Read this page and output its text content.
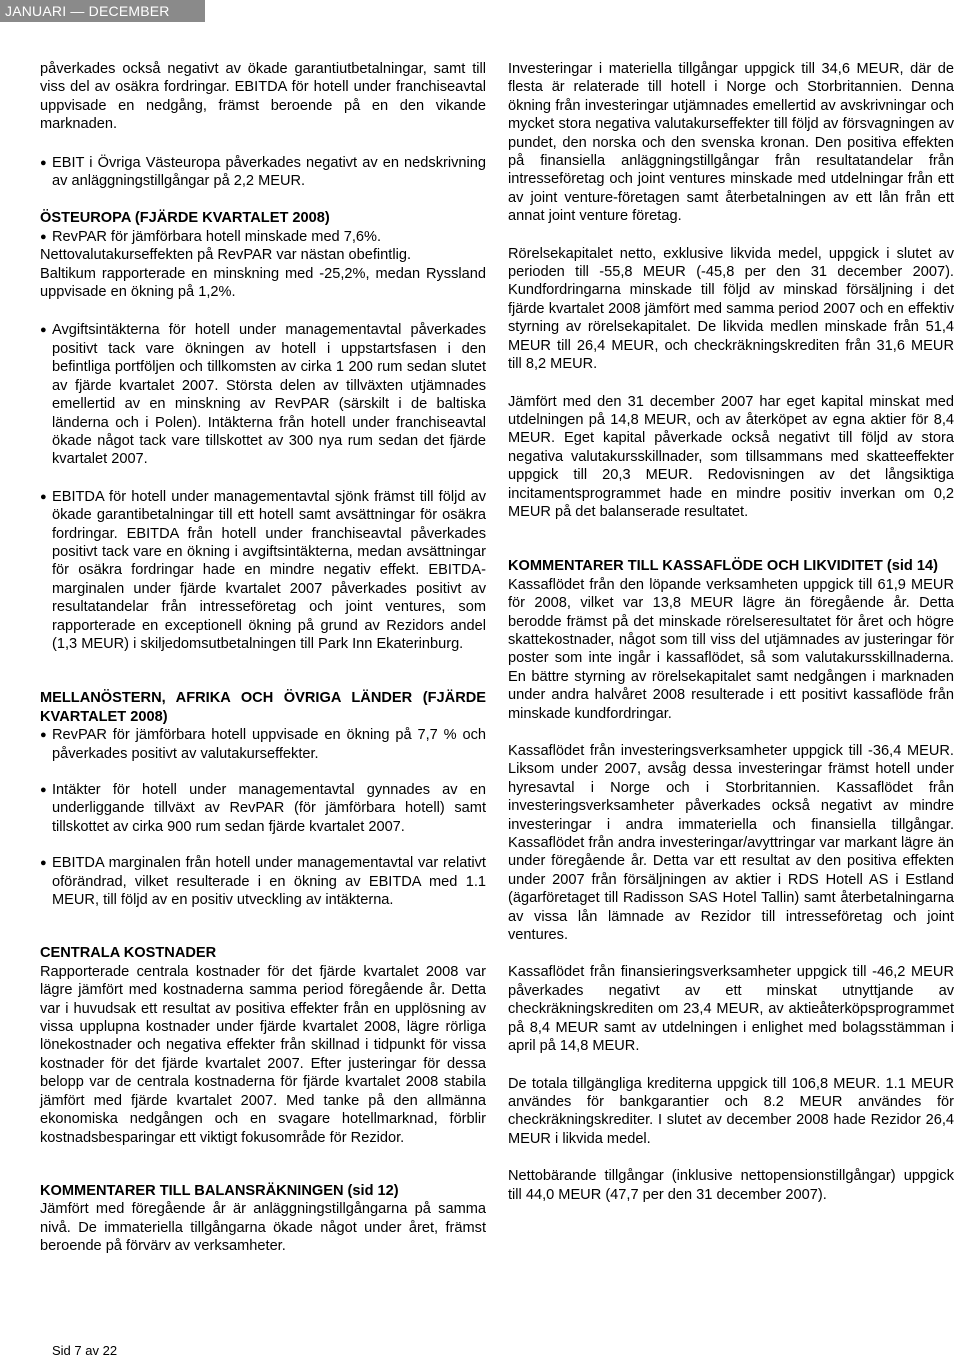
JANUARI — DECEMBER 2008

påverkades också negativt av ökade garantiutbetalningar, samt till viss del av osäkra fordringar. EBITDA för hotell under franchiseavtal uppvisade en nedgång, främst beroende på en den vikande marknaden.

● EBIT i Övriga Västeuropa påverkades negativt av en nedskrivning av anläggningstillgångar på 2,2 MEUR.

ÖSTEUROPA (FJÄRDE KVARTALET 2008)

● RevPAR för jämförbara hotell minskade med 7,6%.

Nettovalutakurseffekten på RevPAR var nästan obefintlig.

Baltikum rapporterade en minskning med -25,2%, medan Ryssland uppvisade en ökning på 1,2%.

● Avgiftsintäkterna för hotell under managementavtal påverkades positivt tack vare ökningen av hotell i uppstartsfasen i den befintliga portföljen och tillkomsten av cirka 1 200 rum sedan slutet av fjärde kvartalet 2007. Största delen av tillväxten utjämnades emellertid av en minskning av RevPAR (särskilt i de baltiska länderna och i Polen). Intäkterna från hotell under franchiseavtal ökade något tack vare tillskottet av 300 nya rum sedan det fjärde kvartalet 2007.

● EBITDA för hotell under managementavtal sjönk främst till följd av ökade garantibetalningar till ett hotell samt avsättningar för osäkra fordringar. EBITDA från hotell under franchiseavtal påverkades positivt tack vare en ökning i avgiftsintäkterna, medan avsättningar för osäkra fordringar hade en mindre negativ effekt. EBITDA-marginalen under fjärde kvartalet 2007 påverkades positivt av resultatandelar från intresseföretag och joint ventures, som rapporterade en exceptionell ökning på grund av Rezidors andel (1,3 MEUR) i skiljedomsutbetalningen till Park Inn Ekaterinburg.

MELLANÖSTERN, AFRIKA OCH ÖVRIGA LÄNDER (FJÄRDE KVARTALET 2008)

● RevPAR för jämförbara hotell uppvisade en ökning på 7,7 % och påverkades positivt av valutakurseffekter.

● Intäkter för hotell under managementavtal gynnades av en underliggande tillväxt av RevPAR (för jämförbara hotell) samt tillskottet av cirka 900 rum sedan fjärde kvartalet 2007.

● EBITDA marginalen från hotell under managementavtal var relativt oförändrad, vilket resulterade i en ökning av EBITDA med 1.1 MEUR, till följd av en positiv utveckling av intäkterna.

CENTRALA KOSTNADER

Rapporterade centrala kostnader för det fjärde kvartalet 2008 var lägre jämfört med kostnaderna samma period föregående år. Detta var i huvudsak ett resultat av positiva effekter från en upplösning av vissa upplupna kostnader under fjärde kvartalet 2008, lägre rörliga lönekostnader och negativa effekter från skillnad i tidpunkt för vissa kostnader för det fjärde kvartalet 2007. Efter justeringar för dessa belopp var de centrala kostnaderna för fjärde kvartalet 2008 stabila jämfört med fjärde kvartalet 2007. Med tanke på den allmänna ekonomiska nedgången och en svagare hotellmarknad, förblir kostnadsbesparingar ett viktigt fokusområde för Rezidor.

KOMMENTARER TILL BALANSRÄKNINGEN (sid 12)

Jämfört med föregående år är anläggningstillgångarna på samma nivå. De immateriella tillgångarna ökade något under året, främst beroende på förvärv av verksamheter.

Investeringar i materiella tillgångar uppgick till 34,6 MEUR, där de flesta är relaterade till hotell i Norge och Storbritannien. Denna ökning från investeringar utjämnades emellertid av avskrivningar och mycket stora negativa valutakurseffekter till följd av försvagningen av pundet, den norska och den svenska kronan. Den positiva effekten på finansiella anläggningstillgångar från resultatandelar från intresseföretag och joint ventures minskade med utdelningar från ett av joint venture-företagen samt återbetalningen av ett lån från ett annat joint venture företag.

Rörelsekapitalet netto, exklusive likvida medel, uppgick i slutet av perioden till -55,8 MEUR (-45,8 per den 31 december 2007). Kundfordringarna minskade till följd av minskad försäljning i det fjärde kvartalet 2008 jämfört med samma period 2007 och en effektiv styrning av rörelsekapitalet. De likvida medlen minskade från 51,4 MEUR till 26,4 MEUR, och checkräkningskrediten från 31,6 MEUR till 8,2 MEUR.

Jämfört med den 31 december 2007 har eget kapital minskat med utdelningen på 14,8 MEUR, och av återköpet av egna aktier för 8,4 MEUR. Eget kapital påverkade också negativt till följd av stora negativa valutakursskillnader, som tillsammans med skatteeffekter uppgick till 20,3 MEUR. Redovisningen av det långsiktiga incitamentsprogrammet hade en mindre positiv inverkan om 0,2 MEUR på det balanserade resultatet.

KOMMENTARER TILL KASSAFLÖDE OCH LIKVIDITET (sid 14)

Kassaflödet från den löpande verksamheten uppgick till 61,9 MEUR för 2008, vilket var 13,8 MEUR lägre än föregående år. Detta berodde främst på det minskade rörelseresultatet för året och högre skattekostnader, något som till viss del utjämnades av justeringar för poster som inte ingår i kassaflödet, så som valutakursskillnaderna. En bättre styrning av rörelsekapitalet samt nedgången i marknaden under andra halvåret 2008 resulterade i ett positivt kassaflöde från minskade kundfordringar.

Kassaflödet från investeringsverksamheter uppgick till -36,4 MEUR. Liksom under 2007, avsåg dessa investeringar främst hotell under hyresavtal i Norge och i Storbritannien. Kassaflödet från investeringsverksamheter påverkades också negativt av mindre investeringar i andra immateriella och finansiella tillgångar. Kassaflödet från andra investeringar/avyttringar var markant lägre än under föregående år. Detta var ett resultat av den positiva effekten under 2007 från försäljningen av aktier i RDS Hotell AS i Estland (ägarföretaget till Radisson SAS Hotel Tallin) samt återbetalningarna av vissa lån lämnade av Rezidor till intresseföretag och joint ventures.

Kassaflödet från finansieringsverksamheter uppgick till -46,2 MEUR påverkades negativt av ett minskat utnyttjande av checkräkningskrediten om 23,4 MEUR, av aktieåterköpsprogrammet på 8,4 MEUR samt av utdelningen i enlighet med bolagsstämman i april på 14,8 MEUR.

De totala tillgängliga krediterna uppgick till 106,8 MEUR. 1.1 MEUR användes för bankgarantier och 8.2 MEUR användes för checkräkningskrediter. I slutet av december 2008 hade Rezidor 26,4 MEUR i likvida medel.

Nettobärande tillgångar (inklusive nettopensionstillgångar) uppgick till 44,0 MEUR (47,7 per den 31 december 2007).

Sid 7 av 22
